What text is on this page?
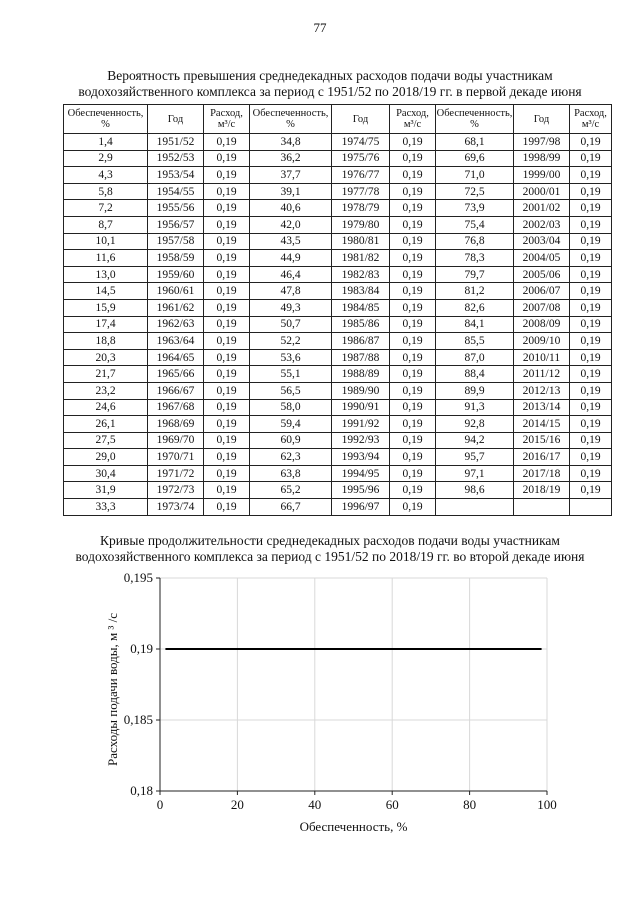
77
Вероятность превышения среднедекадных расходов подачи воды участникам
водохозяйственного комплекса за период с 1951/52 по 2018/19 гг. в первой декаде июня
Обеспеченность, %	Год	Расход, м³/с	Обеспеченность, %	Год	Расход, м³/с	Обеспеченность, %	Год	Расход, м³/с
1,4	1951/52	0,19	34,8	1974/75	0,19	68,1	1997/98	0,19
2,9	1952/53	0,19	36,2	1975/76	0,19	69,6	1998/99	0,19
4,3	1953/54	0,19	37,7	1976/77	0,19	71,0	1999/00	0,19
5,8	1954/55	0,19	39,1	1977/78	0,19	72,5	2000/01	0,19
7,2	1955/56	0,19	40,6	1978/79	0,19	73,9	2001/02	0,19
8,7	1956/57	0,19	42,0	1979/80	0,19	75,4	2002/03	0,19
10,1	1957/58	0,19	43,5	1980/81	0,19	76,8	2003/04	0,19
11,6	1958/59	0,19	44,9	1981/82	0,19	78,3	2004/05	0,19
13,0	1959/60	0,19	46,4	1982/83	0,19	79,7	2005/06	0,19
14,5	1960/61	0,19	47,8	1983/84	0,19	81,2	2006/07	0,19
15,9	1961/62	0,19	49,3	1984/85	0,19	82,6	2007/08	0,19
17,4	1962/63	0,19	50,7	1985/86	0,19	84,1	2008/09	0,19
18,8	1963/64	0,19	52,2	1986/87	0,19	85,5	2009/10	0,19
20,3	1964/65	0,19	53,6	1987/88	0,19	87,0	2010/11	0,19
21,7	1965/66	0,19	55,1	1988/89	0,19	88,4	2011/12	0,19
23,2	1966/67	0,19	56,5	1989/90	0,19	89,9	2012/13	0,19
24,6	1967/68	0,19	58,0	1990/91	0,19	91,3	2013/14	0,19
26,1	1968/69	0,19	59,4	1991/92	0,19	92,8	2014/15	0,19
27,5	1969/70	0,19	60,9	1992/93	0,19	94,2	2015/16	0,19
29,0	1970/71	0,19	62,3	1993/94	0,19	95,7	2016/17	0,19
30,4	1971/72	0,19	63,8	1994/95	0,19	97,1	2017/18	0,19
31,9	1972/73	0,19	65,2	1995/96	0,19	98,6	2018/19	0,19
33,3	1973/74	0,19	66,7	1996/97	0,19			
Кривые продолжительности среднедекадных расходов подачи воды участникам
водохозяйственного комплекса за период с 1951/52 по 2018/19 гг. во второй декаде июня
0	20	40	60	80	100
0,18
0,185
0,19
0,195
Обеспеченность, %
Расходы подачи воды, м ³ /с
